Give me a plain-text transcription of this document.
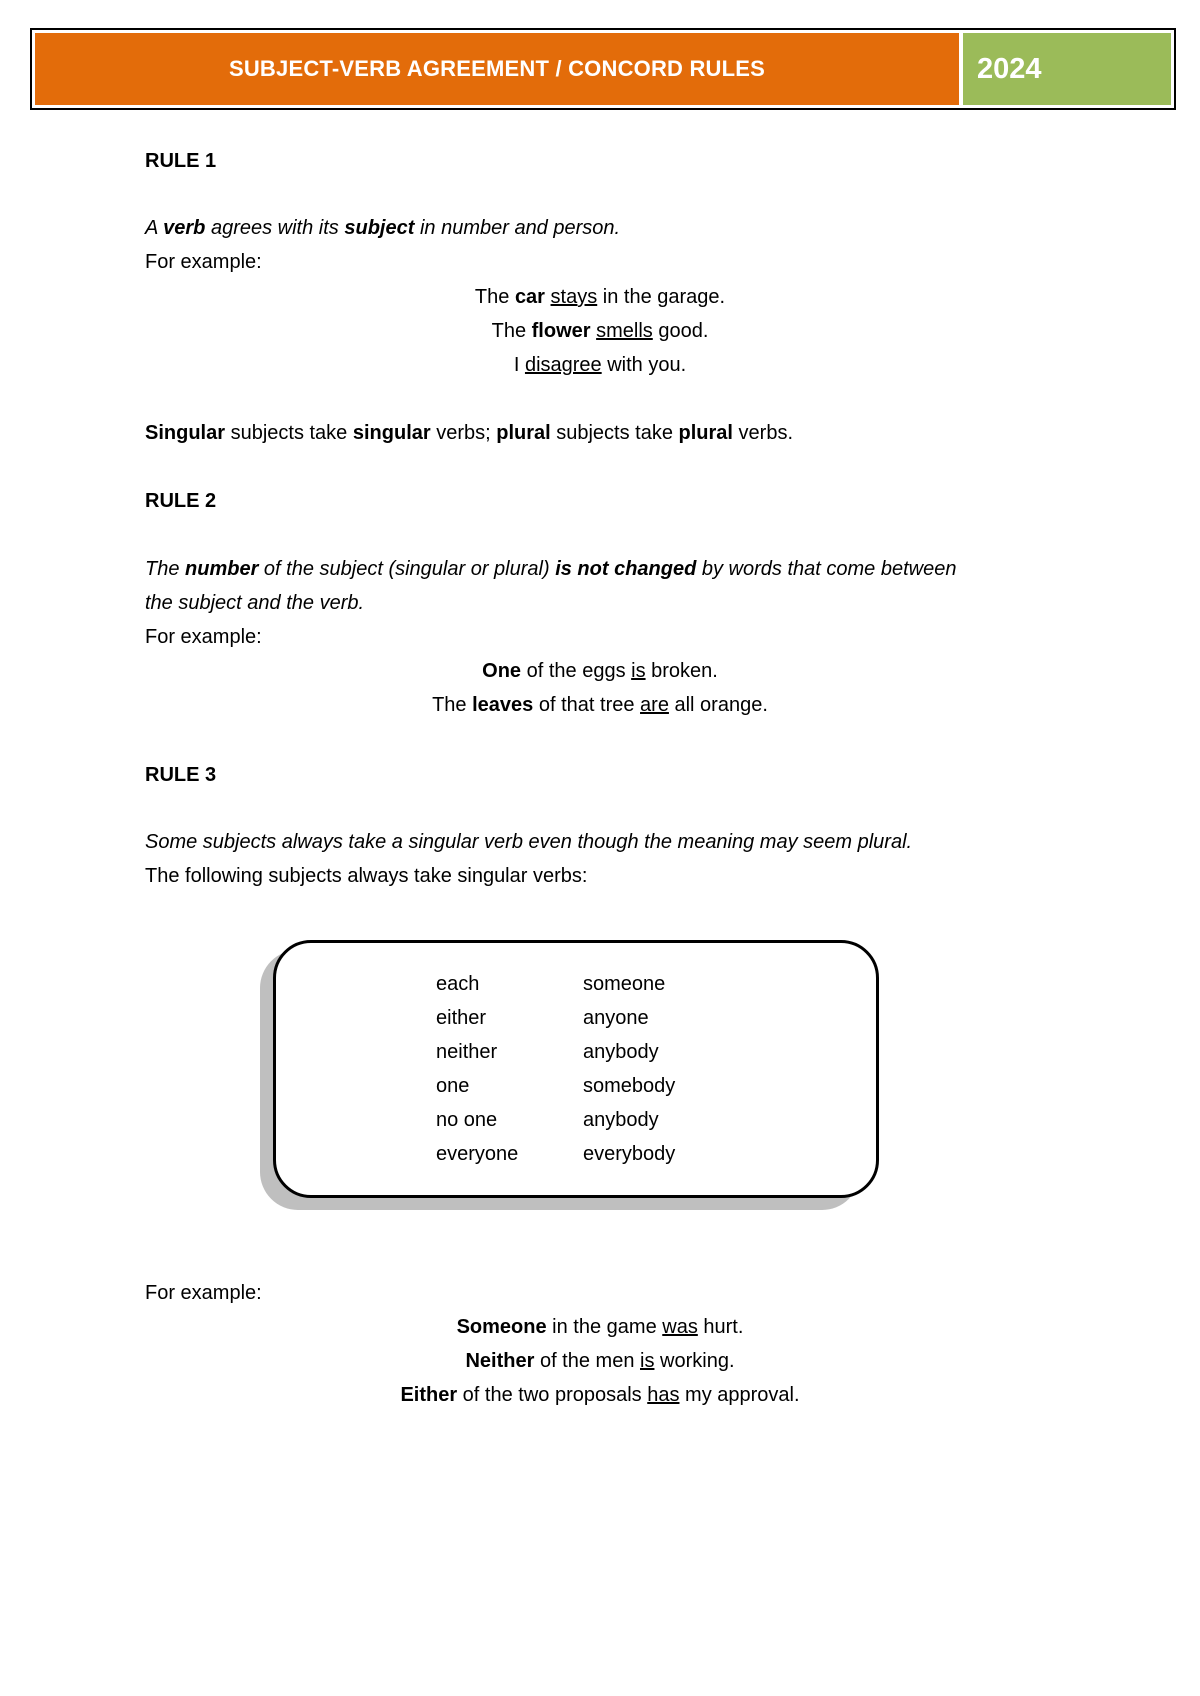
SUBJECT-VERB AGREEMENT / CONCORD RULES	2024
RULE 1
A verb agrees with its subject in number and person.
For example:
The car stays in the garage.
The flower smells good.
I disagree with you.
Singular subjects take singular verbs; plural subjects take plural verbs.
RULE 2
The number of the subject (singular or plural) is not changed by words that come between
the subject and the verb.
For example:
One of the eggs is broken.
The leaves of that tree are all orange.
RULE 3
Some subjects always take a singular verb even though the meaning may seem plural.
The following subjects always take singular verbs:
each
either
neither
one
no one
everyone
someone
anyone
anybody
somebody
anybody
everybody
For example:
Someone in the game was hurt.
Neither of the men is working.
Either of the two proposals has my approval.
